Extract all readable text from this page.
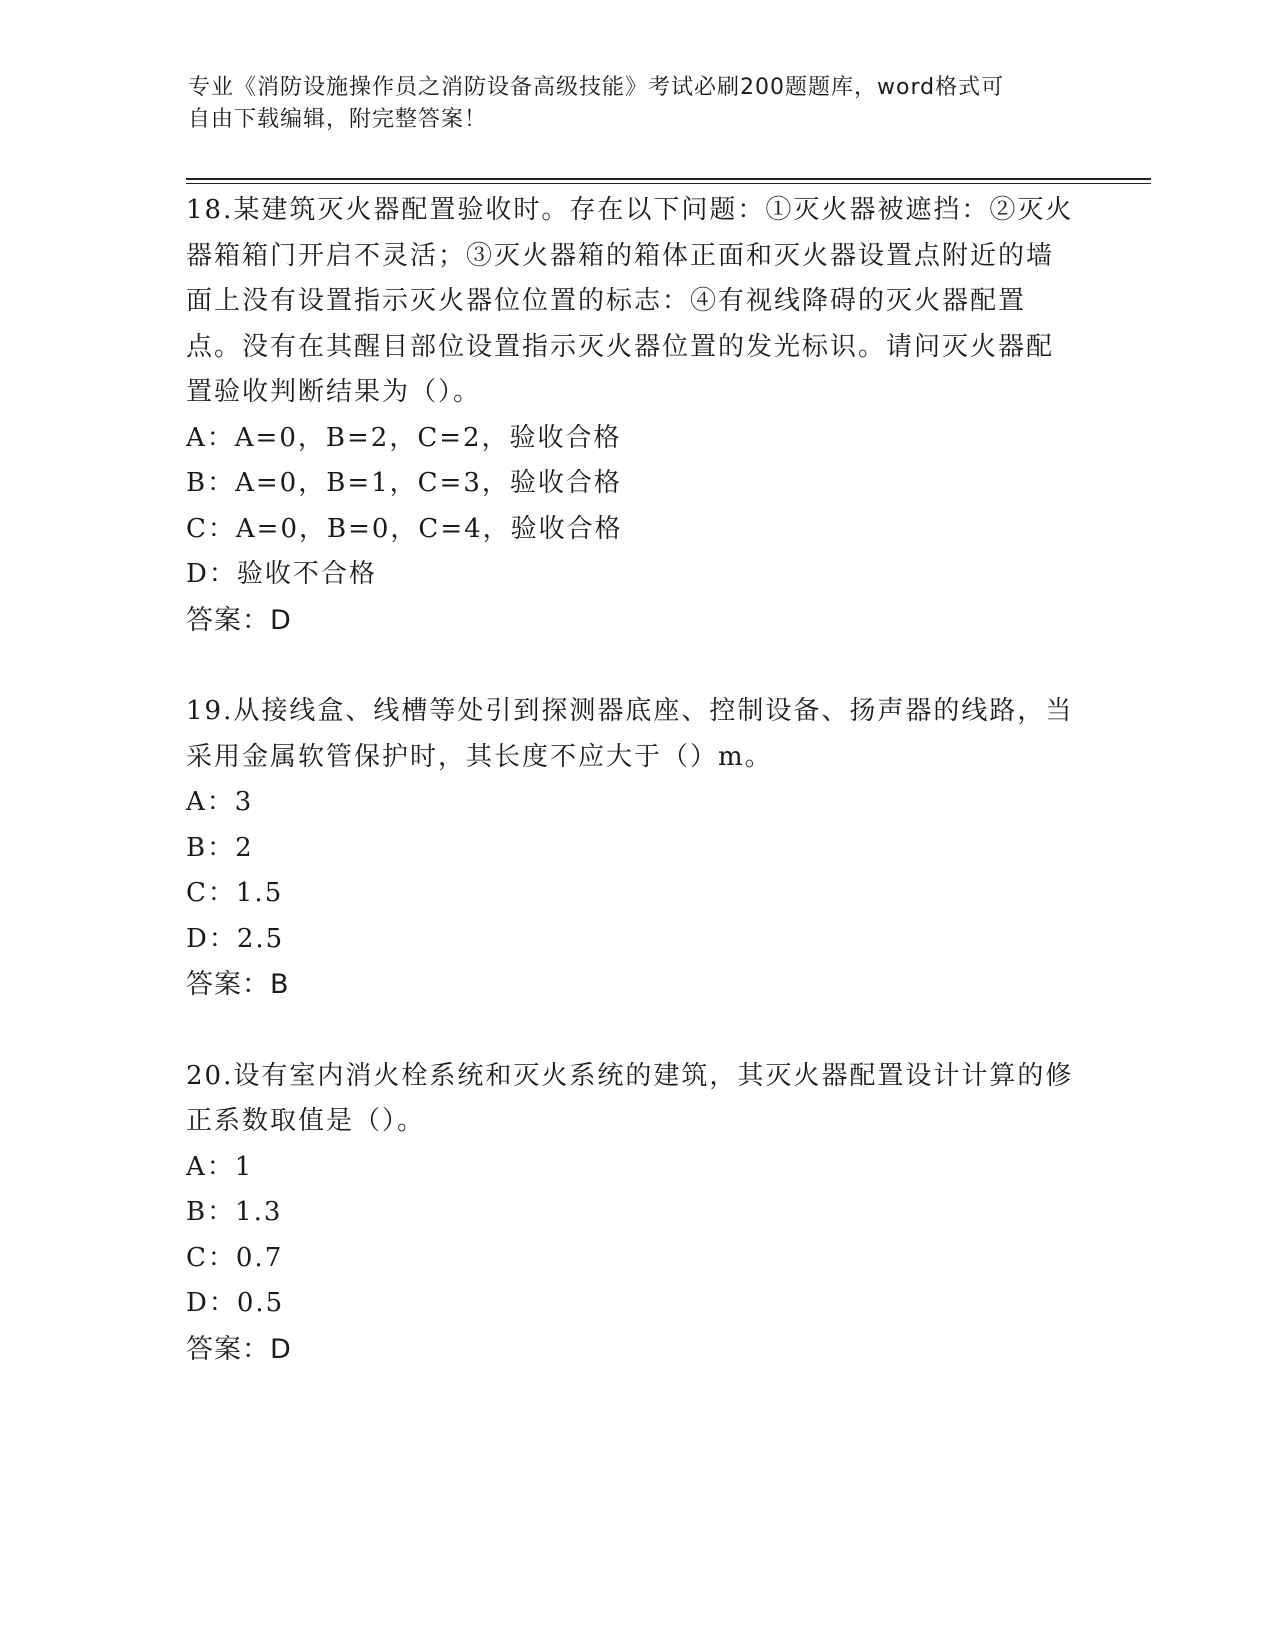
专业《消防设施操作员之消防设备高级技能》考试必刷200题题库，word格式可
自由下载编辑，附完整答案！
18.某建筑灭火器配置验收时。存在以下问题：①灭火器被遮挡：②灭火器箱箱门开启不灵活；③灭火器箱的箱体正面和灭火器设置点附近的墙面上没有设置指示灭火器位位置的标志：④有视线降碍的灭火器配置点。没有在其醒目部位设置指示灭火器位置的发光标识。请问灭火器配置验收判断结果为（）。
A：A=0，B=2，C=2，验收合格
B：A=0，B=1，C=3，验收合格
C：A=0，B=0，C=4，验收合格
D：验收不合格
答案：D
19.从接线盒、线槽等处引到探测器底座、控制设备、扬声器的线路，当采用金属软管保护时，其长度不应大于（）m。
A：3
B：2
C：1.5
D：2.5
答案：B
20.设有室内消火栓系统和灭火系统的建筑，其灭火器配置设计计算的修正系数取值是（）。
A：1
B：1.3
C：0.7
D：0.5
答案：D
